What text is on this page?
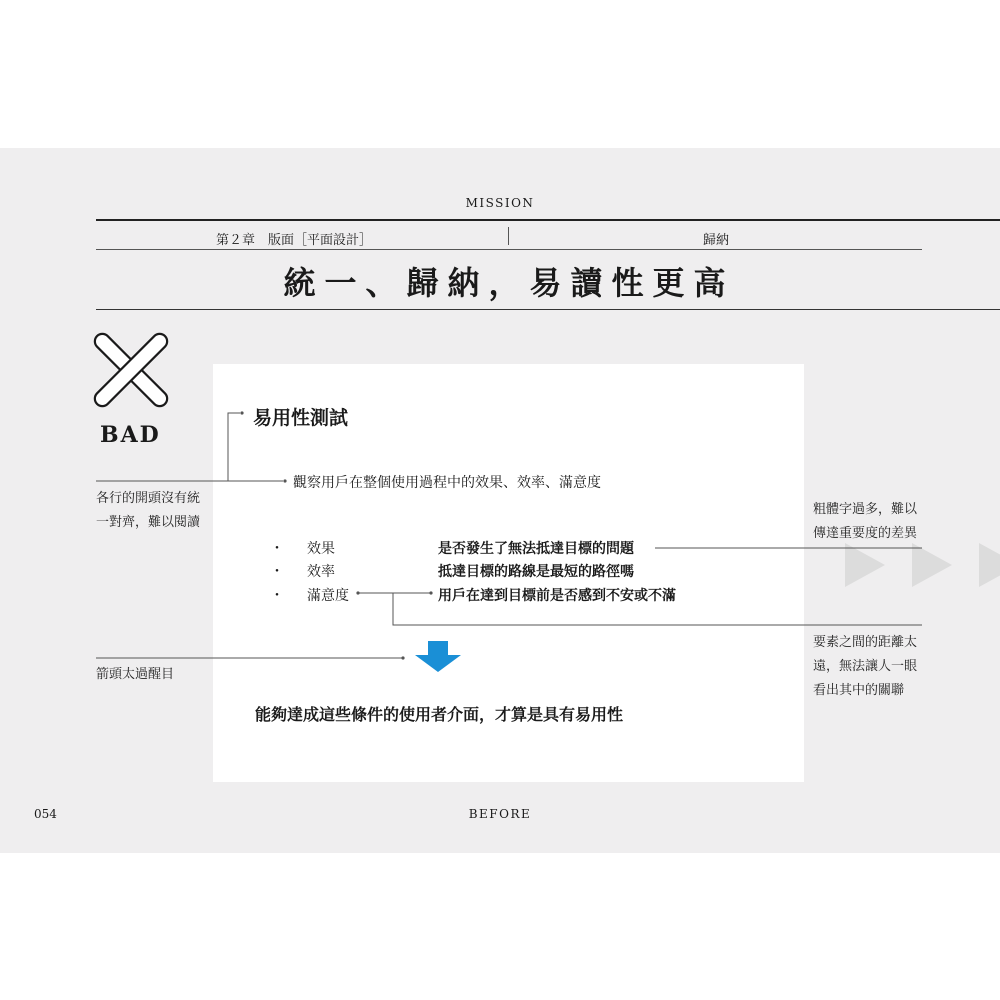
MISSION
第２章　版面［平面設計］	歸納
統一、歸納，易讀性更高
BAD
易用性測試
觀察用戶在整個使用過程中的效果、效率、滿意度
・ 效果	是否發生了無法抵達目標的問題
・ 效率	抵達目標的路線是最短的路徑嗎
・ 滿意度	用戶在達到目標前是否感到不安或不滿
能夠達成這些條件的使用者介面，才算是具有易用性
各行的開頭沒有統
一對齊，難以閱讀
箭頭太過醒目
粗體字過多，難以
傳達重要度的差異
要素之間的距離太
遠，無法讓人一眼
看出其中的關聯
054	BEFORE
